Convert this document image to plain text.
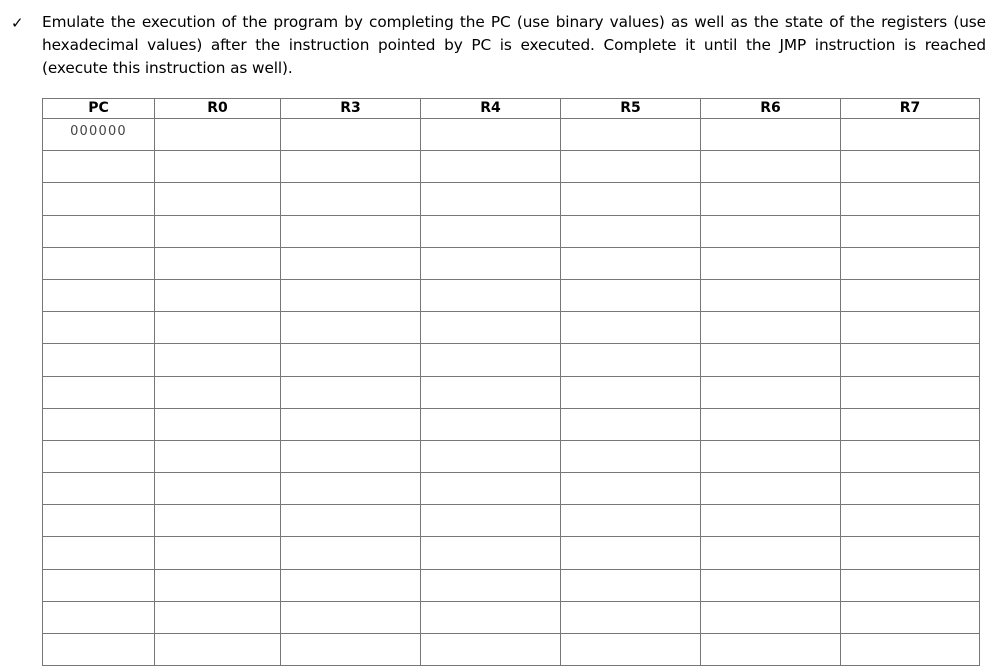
✓ Emulate the execution of the program by completing the PC (use binary values) as well as the state of the registers (use hexadecimal values) after the instruction pointed by PC is executed. Complete it until the JMP instruction is reached (execute this instruction as well).
PC	R0	R3	R4	R5	R6	R7
000000						
